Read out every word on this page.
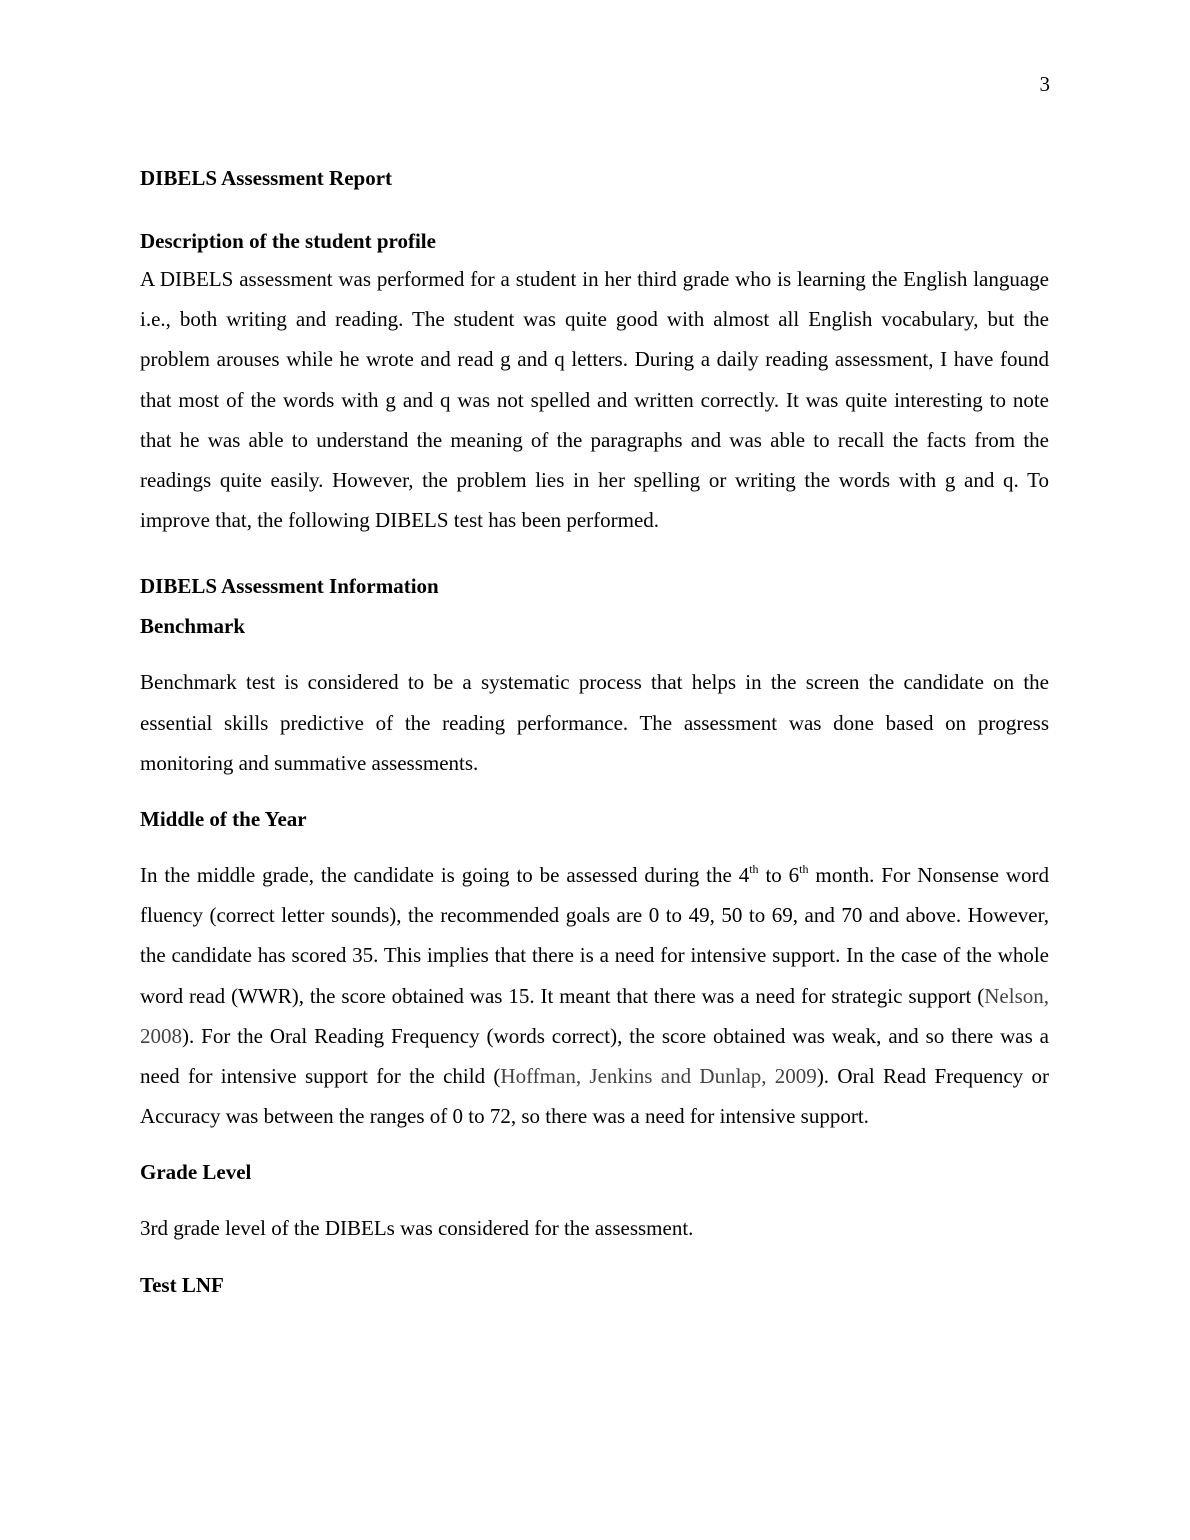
3
DIBELS Assessment Report
Description of the student profile

A DIBELS assessment was performed for a student in her third grade who is learning the English language i.e., both writing and reading. The student was quite good with almost all English vocabulary, but the problem arouses while he wrote and read g and q letters. During a daily reading assessment, I have found that most of the words with g and q was not spelled and written correctly. It was quite interesting to note that he was able to understand the meaning of the paragraphs and was able to recall the facts from the readings quite easily. However, the problem lies in her spelling or writing the words with g and q. To improve that, the following DIBELS test has been performed.

DIBELS Assessment Information
Benchmark

Benchmark test is considered to be a systematic process that helps in the screen the candidate on the essential skills predictive of the reading performance. The assessment was done based on progress monitoring and summative assessments.

Middle of the Year

In the middle grade, the candidate is going to be assessed during the 4th to 6th month. For Nonsense word fluency (correct letter sounds), the recommended goals are 0 to 49, 50 to 69, and 70 and above. However, the candidate has scored 35. This implies that there is a need for intensive support. In the case of the whole word read (WWR), the score obtained was 15. It meant that there was a need for strategic support (Nelson, 2008). For the Oral Reading Frequency (words correct), the score obtained was weak, and so there was a need for intensive support for the child (Hoffman, Jenkins and Dunlap, 2009). Oral Read Frequency or Accuracy was between the ranges of 0 to 72, so there was a need for intensive support.

Grade Level

3rd grade level of the DIBELs was considered for the assessment.

Test LNF
